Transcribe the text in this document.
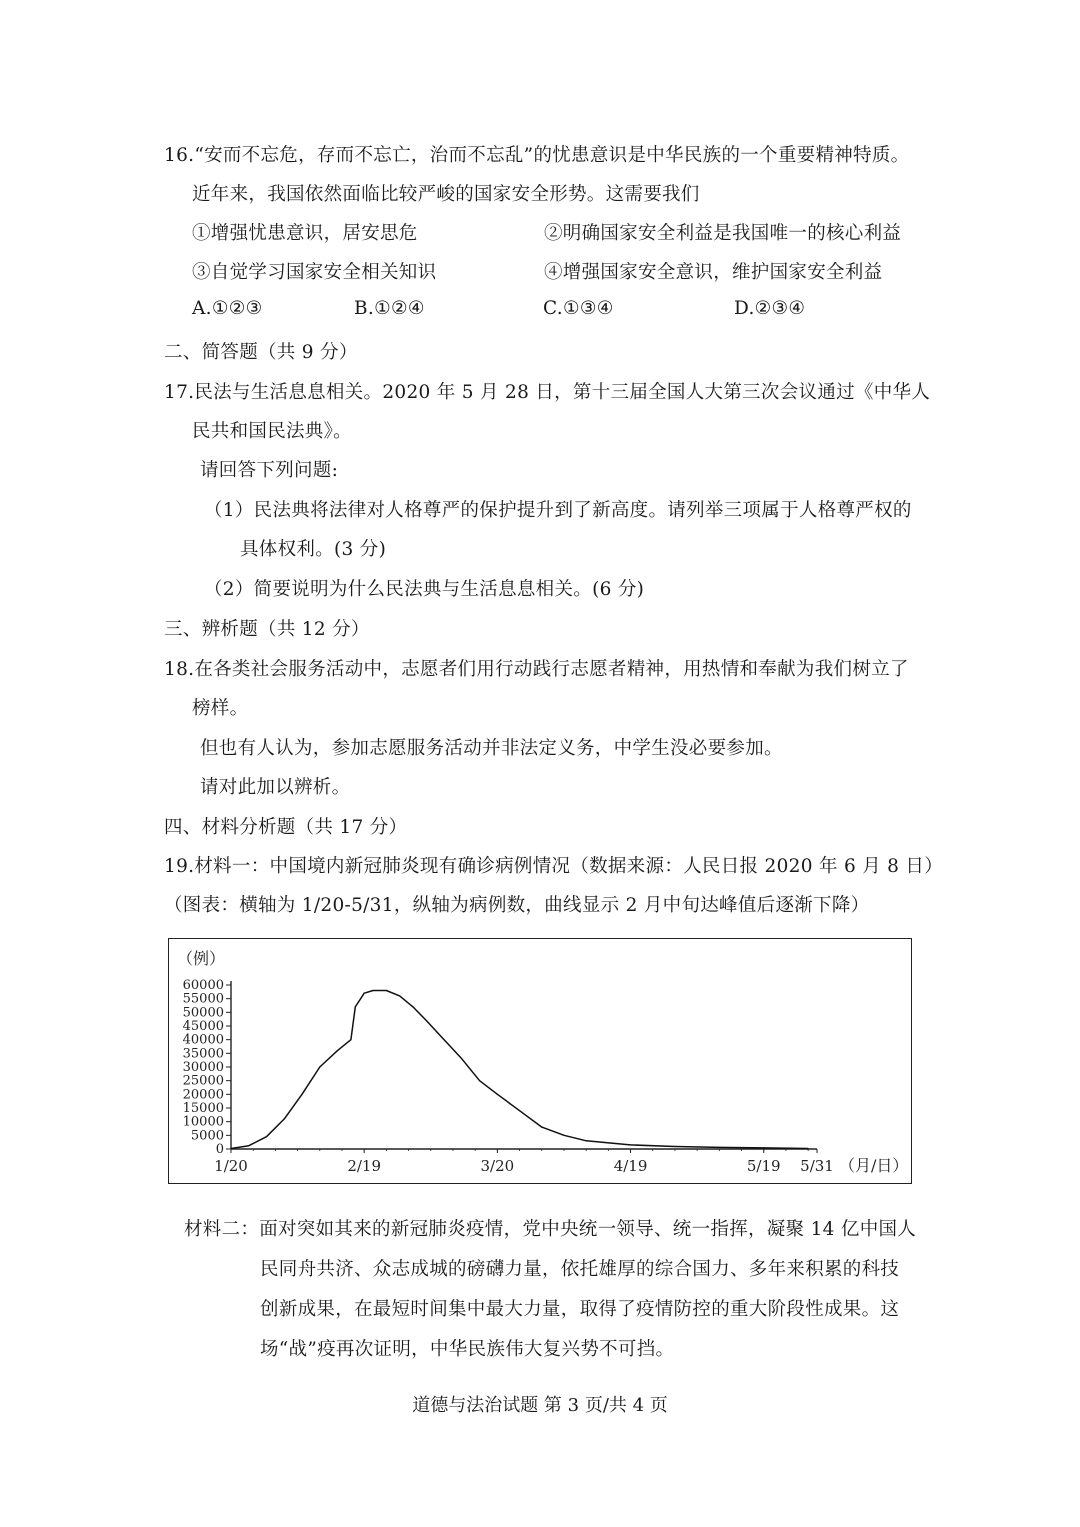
16.“安而不忘危，存而不忘亡，治而不忘乱”的忧患意识是中华民族的一个重要精神特质。
近年来，我国依然面临比较严峻的国家安全形势。这需要我们
①增强忧患意识，居安思危	②明确国家安全利益是我国唯一的核心利益
③自觉学习国家安全相关知识	④增强国家安全意识，维护国家安全利益
A.①②③	B.①②④	C.①③④	D.②③④
二、简答题（共 9 分）
17.民法与生活息息相关。2020 年 5 月 28 日，第十三届全国人大第三次会议通过《中华人
民共和国民法典》。
请回答下列问题:
（1）民法典将法律对人格尊严的保护提升到了新高度。请列举三项属于人格尊严权的
具体权利。(3 分)
（2）简要说明为什么民法典与生活息息相关。(6 分)
三、辨析题（共 12 分）
18.在各类社会服务活动中，志愿者们用行动践行志愿者精神，用热情和奉献为我们树立了
榜样。
但也有人认为，参加志愿服务活动并非法定义务，中学生没必要参加。
请对此加以辨析。
四、材料分析题（共 17 分）
19.材料一：中国境内新冠肺炎现有确诊病例情况（数据来源：人民日报 2020 年 6 月 8 日）
（图表：横轴为 1/20-5/31，纵轴为病例数，曲线显示 2 月中旬达峰值后逐渐下降）
（例）
60000
55000
50000
45000
40000
35000
30000
25000
20000
15000
10000
5000
0
1/20	2/19	3/20	4/19	5/19 5/31 （月/日）
材料二：面对突如其来的新冠肺炎疫情，党中央统一领导、统一指挥，凝聚 14 亿中国人
民同舟共济、众志成城的磅礴力量，依托雄厚的综合国力、多年来积累的科技
创新成果，在最短时间集中最大力量，取得了疫情防控的重大阶段性成果。这
场“战”疫再次证明，中华民族伟大复兴势不可挡。
道德与法治试题 第 3 页/共 4 页
